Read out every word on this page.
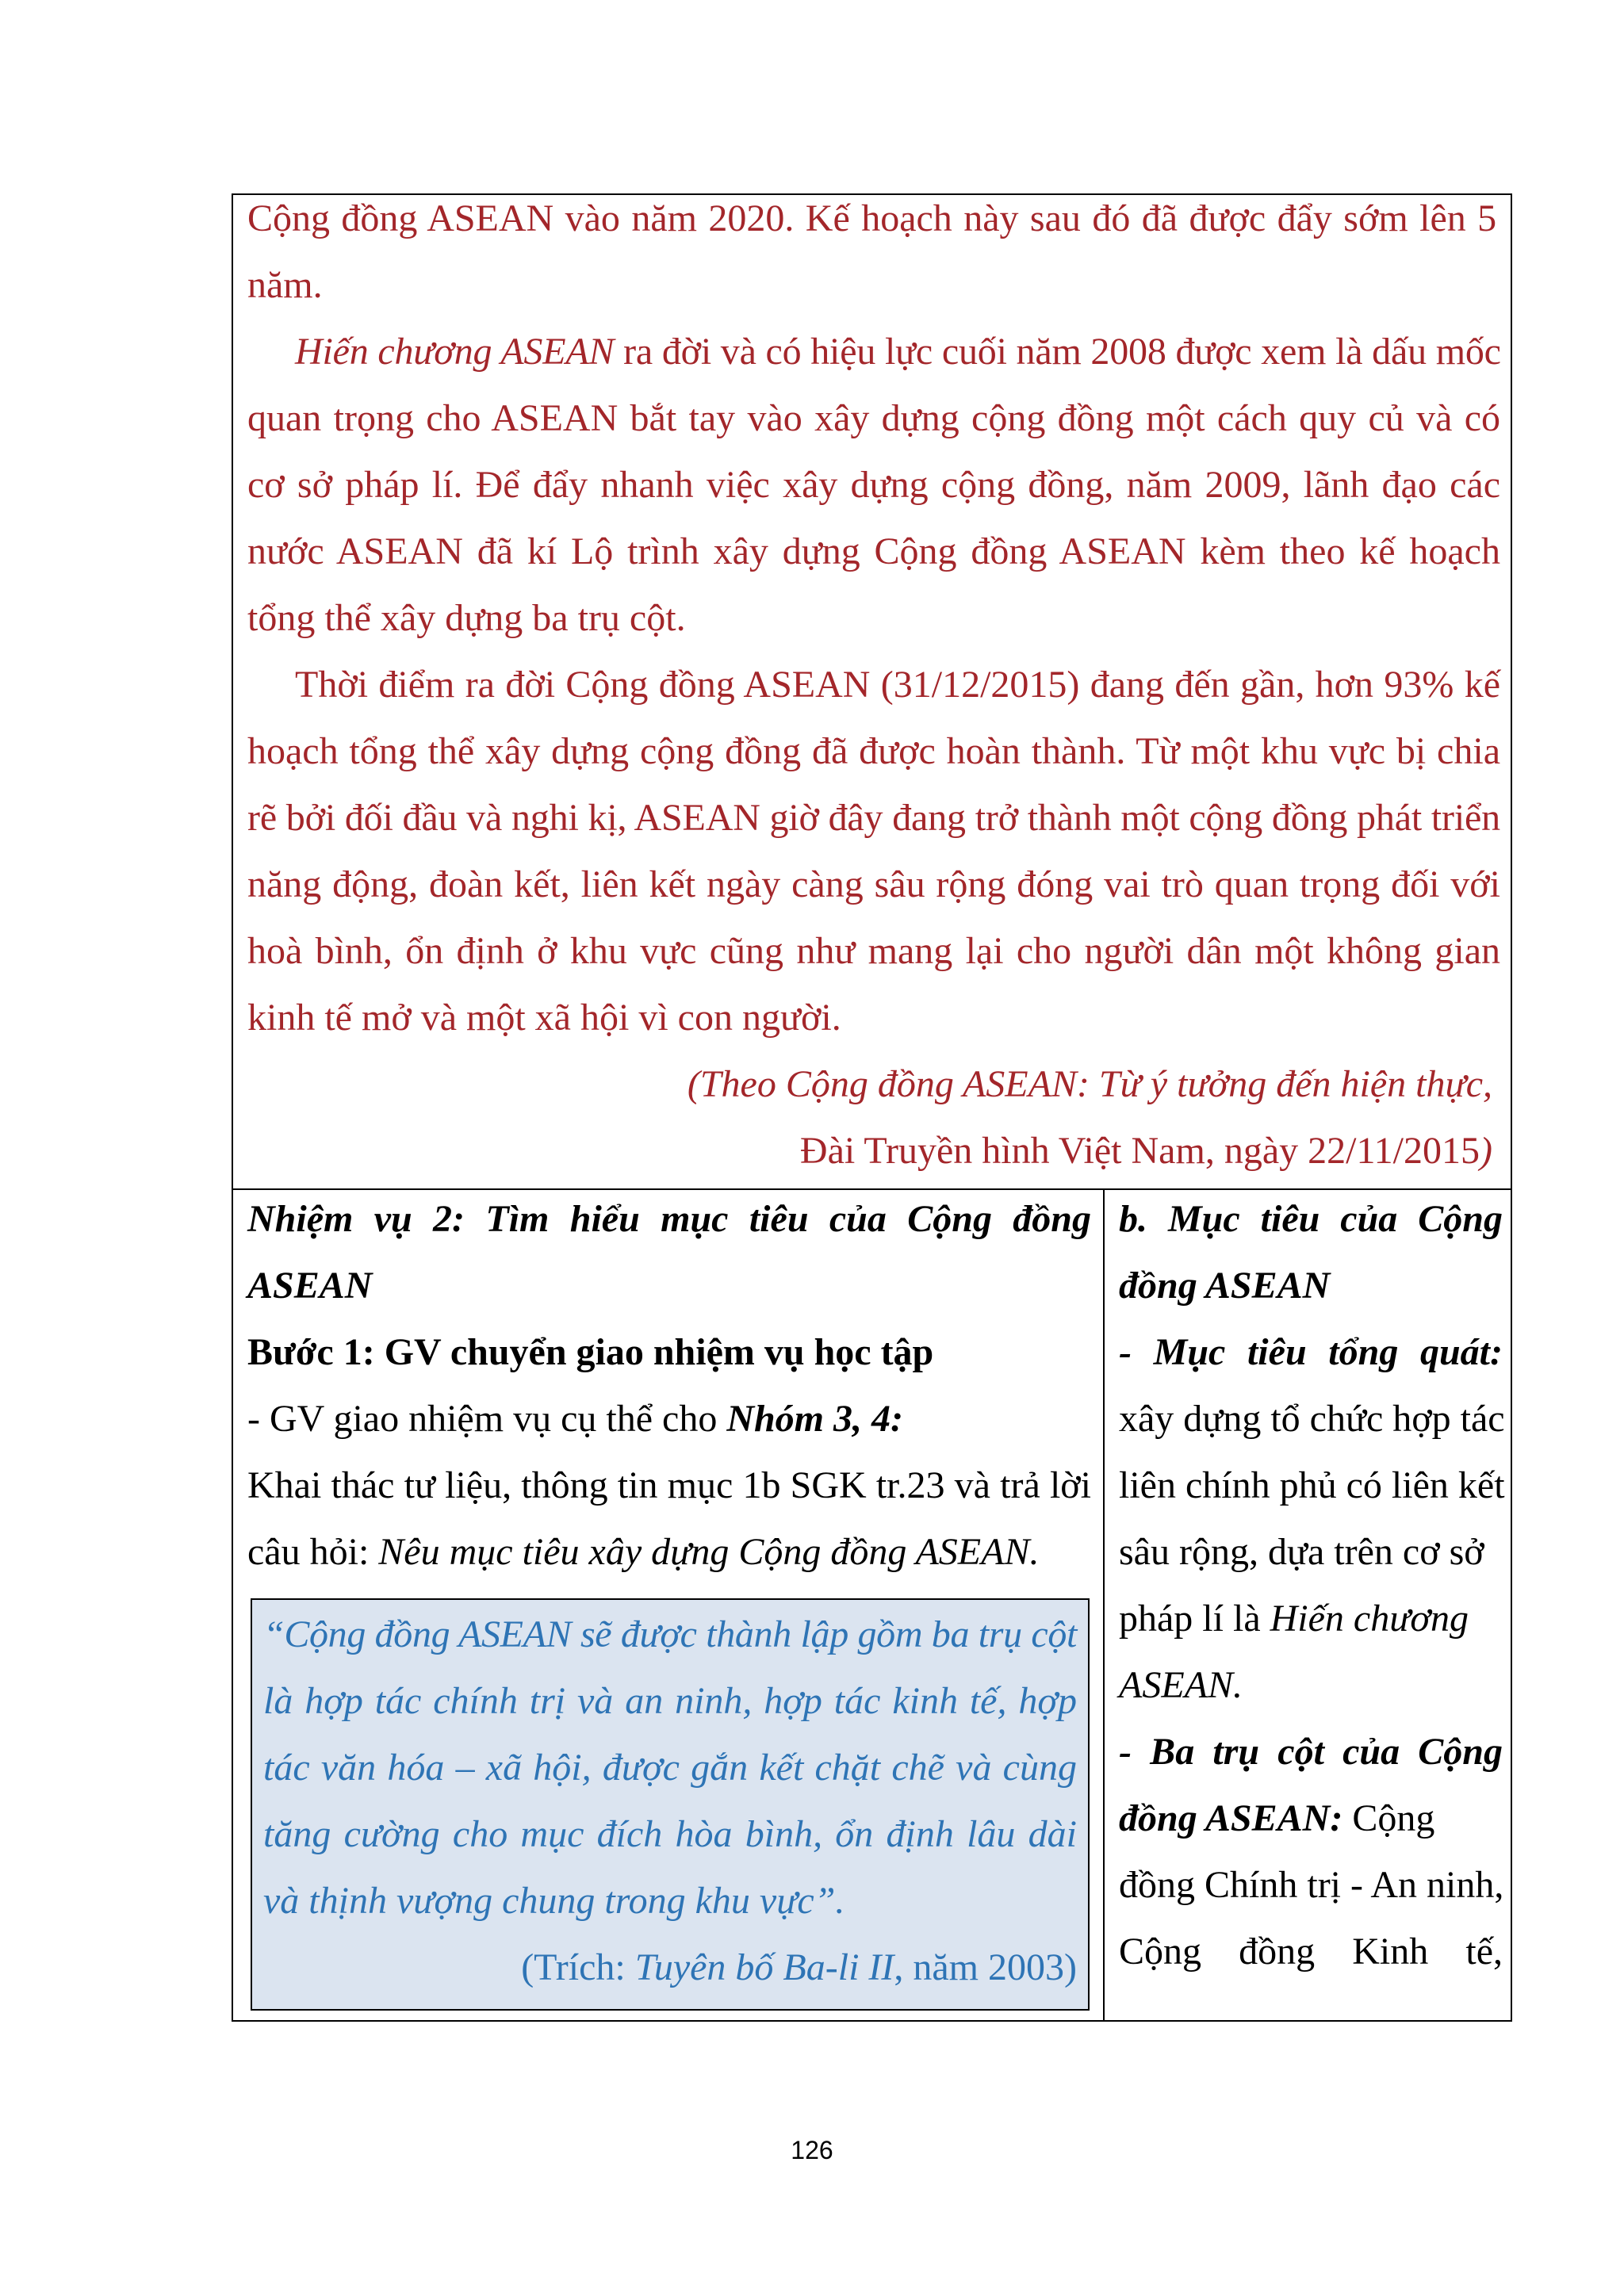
Cộng đồng ASEAN vào năm 2020. Kế hoạch này sau đó đã được đẩy sớm lên 5
năm.
Hiến chương ASEAN ra đời và có hiệu lực cuối năm 2008 được xem là dấu mốc
quan trọng cho ASEAN bắt tay vào xây dựng cộng đồng một cách quy củ và có
cơ sở pháp lí. Để đẩy nhanh việc xây dựng cộng đồng, năm 2009, lãnh đạo các
nước ASEAN đã kí Lộ trình xây dựng Cộng đồng ASEAN kèm theo kế hoạch
tổng thể xây dựng ba trụ cột.
Thời điểm ra đời Cộng đồng ASEAN (31/12/2015) đang đến gần, hơn 93% kế
hoạch tổng thể xây dựng cộng đồng đã được hoàn thành. Từ một khu vực bị chia
rẽ bởi đối đầu và nghi kị, ASEAN giờ đây đang trở thành một cộng đồng phát triển
năng động, đoàn kết, liên kết ngày càng sâu rộng đóng vai trò quan trọng đối với
hoà bình, ổn định ở khu vực cũng như mang lại cho người dân một không gian
kinh tế mở và một xã hội vì con người.
(Theo Cộng đồng ASEAN: Từ ý tưởng đến hiện thực,
Đài Truyền hình Việt Nam, ngày 22/11/2015)
Nhiệm vụ 2: Tìm hiểu mục tiêu của Cộng đồng
ASEAN
Bước 1: GV chuyển giao nhiệm vụ học tập
- GV giao nhiệm vụ cụ thể cho Nhóm 3, 4:
Khai thác tư liệu, thông tin mục 1b SGK tr.23 và trả lời
câu hỏi: Nêu mục tiêu xây dựng Cộng đồng ASEAN.
“Cộng đồng ASEAN sẽ được thành lập gồm ba trụ cột
là hợp tác chính trị và an ninh, hợp tác kinh tế, hợp
tác văn hóa – xã hội, được gắn kết chặt chẽ và cùng
tăng cường cho mục đích hòa bình, ổn định lâu dài
và thịnh vượng chung trong khu vực”.
(Trích: Tuyên bố Ba-li II, năm 2003)
b. Mục tiêu của Cộng
đồng ASEAN
- Mục tiêu tổng quát:
xây dựng tổ chức hợp tác
liên chính phủ có liên kết
sâu rộng, dựa trên cơ sở
pháp lí là Hiến chương
ASEAN.
- Ba trụ cột của Cộng
đồng ASEAN: Cộng
đồng Chính trị - An ninh,
Cộng đồng Kinh tế,
126
